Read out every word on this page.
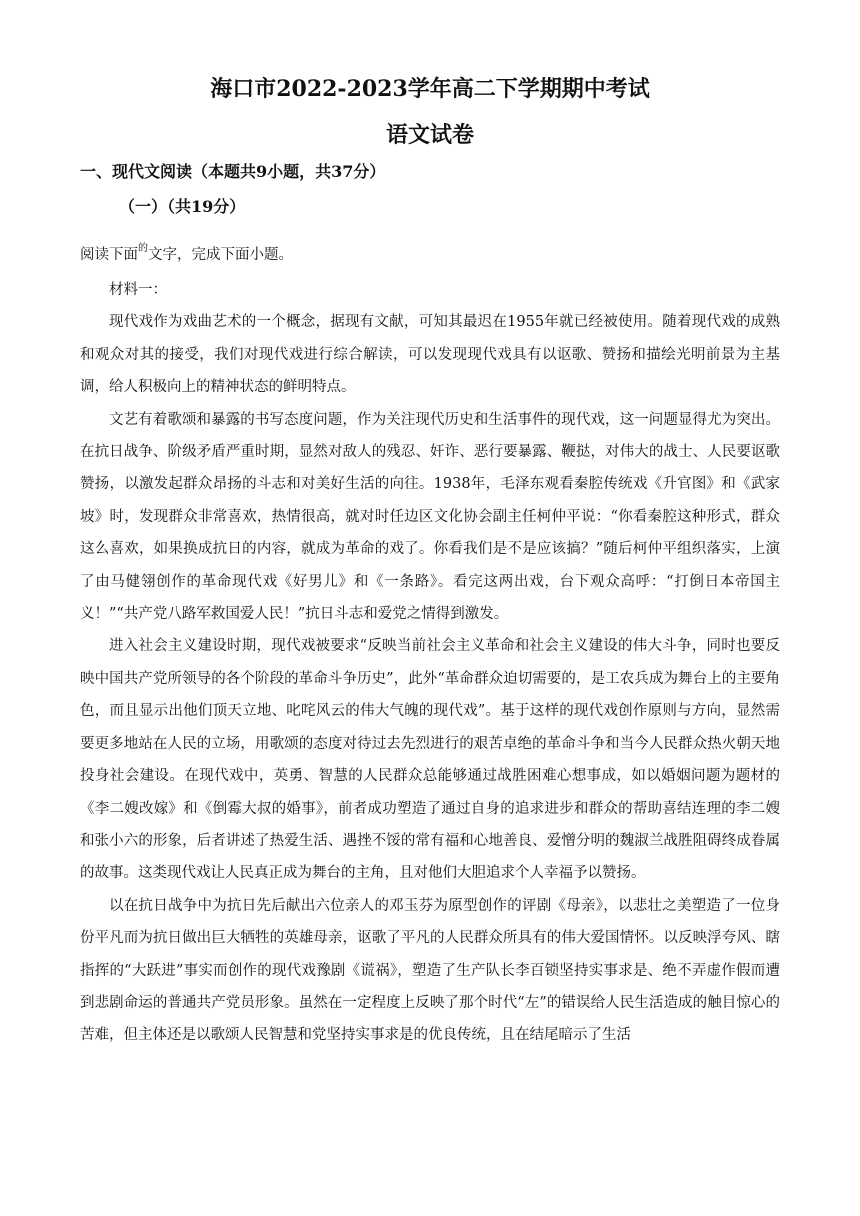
海口市2022-2023学年高二下学期期中考试
语文试卷
一、现代文阅读（本题共9小题，共37分）
（一）（共19分）
阅读下面$^的$文字，完成下面小题。

材料一：

现代戏作为戏曲艺术的一个概念，据现有文献，可知其最迟在1955年就已经被使用。随着现代戏的成熟和观众对其的接受，我们对现代戏进行综合解读，可以发现现代戏具有以讴歌、赞扬和描绘光明前景为主基调，给人积极向上的精神状态的鲜明特点。

文艺有着歌颂和暴露的书写态度问题，作为关注现代历史和生活事件的现代戏，这一问题显得尤为突出。在抗日战争、阶级矛盾严重时期，显然对敌人的残忍、奸诈、恶行要暴露、鞭挞，对伟大的战士、人民要讴歌赞扬，以激发起群众昂扬的斗志和对美好生活的向往。1938年，毛泽东观看秦腔传统戏《升官图》和《武家坡》时，发现群众非常喜欢，热情很高，就对时任边区文化协会副主任柯仲平说：“你看秦腔这种形式，群众这么喜欢，如果换成抗日的内容，就成为革命的戏了。你看我们是不是应该搞？”随后柯仲平组织落实，上演了由马健翎创作的革命现代戏《好男儿》和《一条路》。看完这两出戏，台下观众高呼：“打倒日本帝国主义！”“共产党八路军救国爱人民！”抗日斗志和爱党之情得到激发。

进入社会主义建设时期，现代戏被要求“反映当前社会主义革命和社会主义建设的伟大斗争，同时也要反映中国共产党所领导的各个阶段的革命斗争历史”，此外“革命群众迫切需要的，是工农兵成为舞台上的主要角色，而且显示出他们顶天立地、叱咤风云的伟大气魄的现代戏”。基于这样的现代戏创作原则与方向，显然需要更多地站在人民的立场，用歌颂的态度对待过去先烈进行的艰苦卓绝的革命斗争和当今人民群众热火朝天地投身社会建设。在现代戏中，英勇、智慧的人民群众总能够通过战胜困难心想事成，如以婚姻问题为题材的《李二嫂改嫁》和《倒霉大叔的婚事》，前者成功塑造了通过自身的追求进步和群众的帮助喜结连理的李二嫂和张小六的形象，后者讲述了热爱生活、遇挫不馁的常有福和心地善良、爱憎分明的魏淑兰战胜阻碍终成眷属的故事。这类现代戏让人民真正成为舞台的主角，且对他们大胆追求个人幸福予以赞扬。

以在抗日战争中为抗日先后献出六位亲人的邓玉芬为原型创作的评剧《母亲》，以悲壮之美塑造了一位身份平凡而为抗日做出巨大牺牲的英雄母亲，讴歌了平凡的人民群众所具有的伟大爱国情怀。以反映浮夸风、瞎指挥的“大跃进”事实而创作的现代戏豫剧《谎祸》，塑造了生产队长李百锁坚持实事求是、绝不弄虚作假而遭到悲剧命运的普通共产党员形象。虽然在一定程度上反映了那个时代“左”的错误给人民生活造成的触目惊心的苦难，但主体还是以歌颂人民智慧和党坚持实事求是的优良传统，且在结尾暗示了生活
